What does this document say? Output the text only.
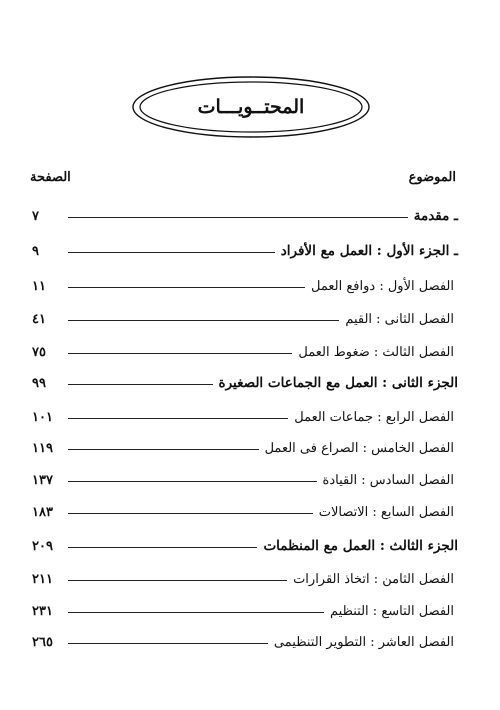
المحتــويـــات
الموضوع
الصفحة
ـ مقدمة
٧
ـ الجزء الأول : العمل مع الأفراد
٩
الفصل الأول : دوافع العمل
١١
الفصل الثانى : القيم
٤١
الفصل الثالث : ضغوط العمل
٧٥
الجزء الثانى : العمل مع الجماعات الصغيرة
٩٩
الفصل الرابع : جماعات العمل
١٠١
الفصل الخامس : الصراع فى العمل
١١٩
الفصل السادس : القيادة
١٣٧
الفصل السابع : الاتصالات
١٨٣
الجزء الثالث : العمل مع المنظمات
٢٠٩
الفصل الثامن : اتخاذ القرارات
٢١١
الفصل التاسع : التنظيم
٢٣١
الفصل العاشر : التطوير التنظيمى
٢٦٥
